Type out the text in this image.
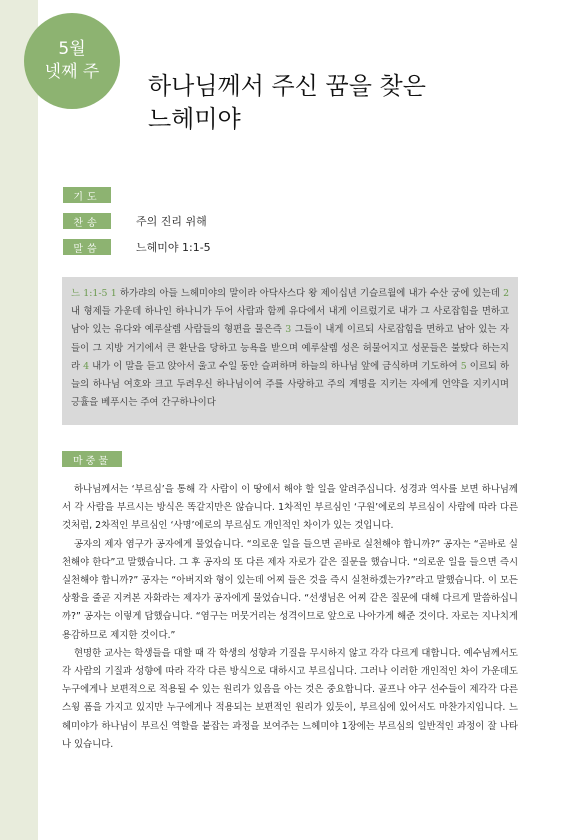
5월
넷째 주 하나님께서 주신 꿈을 찾은
느헤미야
기도
찬송	주의 진리 위해
말씀	느헤미야 1:1-5
느 1:1-5 1 하가랴의 아들 느헤미야의 말이라 아닥사스다 왕 제이십년 기슬르월에 내가 수산 궁에 있는데 2 내 형제들 가운데 하나인 하나니가 두어 사람과 함께 유다에서 내게 이르렀기로 내가 그 사로잡힘을 면하고 남아 있는 유다와 예루살렘 사람들의 형편을 물은즉 3 그들이 내게 이르되 사로잡힘을 면하고 남아 있는 자들이 그 지방 거기에서 큰 환난을 당하고 능욕을 받으며 예루살렘 성은 허물어지고 성문들은 불탔다 하는지라 4 내가 이 말을 듣고 앉아서 울고 수일 동안 슬퍼하며 하늘의 하나님 앞에 금식하며 기도하여 5 이르되 하늘의 하나님 여호와 크고 두려우신 하나님이여 주를 사랑하고 주의 계명을 지키는 자에게 언약을 지키시며 긍휼을 베푸시는 주여 간구하나이다
마중물

하나님께서는 ‘부르심’을 통해 각 사람이 이 땅에서 해야 할 일을 알려주십니다. 성경과 역사를 보면 하나님께서 각 사람을 부르시는 방식은 똑같지만은 않습니다. 1차적인 부르심인 ‘구원’에로의 부르심이 사람에 따라 다른 것처럼, 2차적인 부르심인 ‘사명’에로의 부르심도 개인적인 차이가 있는 것입니다.

공자의 제자 염구가 공자에게 물었습니다. “의로운 일을 들으면 곧바로 실천해야 합니까?” 공자는 “곧바로 실천해야 한다”고 말했습니다. 그 후 공자의 또 다른 제자 자로가 같은 질문을 했습니다. “의로운 일을 들으면 즉시 실천해야 합니까?” 공자는 “아버지와 형이 있는데 어찌 들은 것을 즉시 실천하겠는가?”라고 말했습니다. 이 모든 상황을 줄곧 지켜본 자화라는 제자가 공자에게 물었습니다. “선생님은 어찌 같은 질문에 대해 다르게 말씀하십니까?” 공자는 이렇게 답했습니다. “염구는 머뭇거리는 성격이므로 앞으로 나아가게 해준 것이다. 자로는 지나치게 용감하므로 제지한 것이다.”

현명한 교사는 학생들을 대할 때 각 학생의 성향과 기질을 무시하지 않고 각각 다르게 대합니다. 예수님께서도 각 사람의 기질과 성향에 따라 각각 다른 방식으로 대하시고 부르십니다. 그러나 이러한 개인적인 차이 가운데도 누구에게나 보편적으로 적용될 수 있는 원리가 있음을 아는 것은 중요합니다. 골프나 야구 선수들이 제각각 다른 스윙 폼을 가지고 있지만 누구에게나 적용되는 보편적인 원리가 있듯이, 부르심에 있어서도 마찬가지입니다. 느헤미야가 하나님이 부르신 역할을 붙잡는 과정을 보여주는 느헤미야 1장에는 부르심의 일반적인 과정이 잘 나타나 있습니다.
